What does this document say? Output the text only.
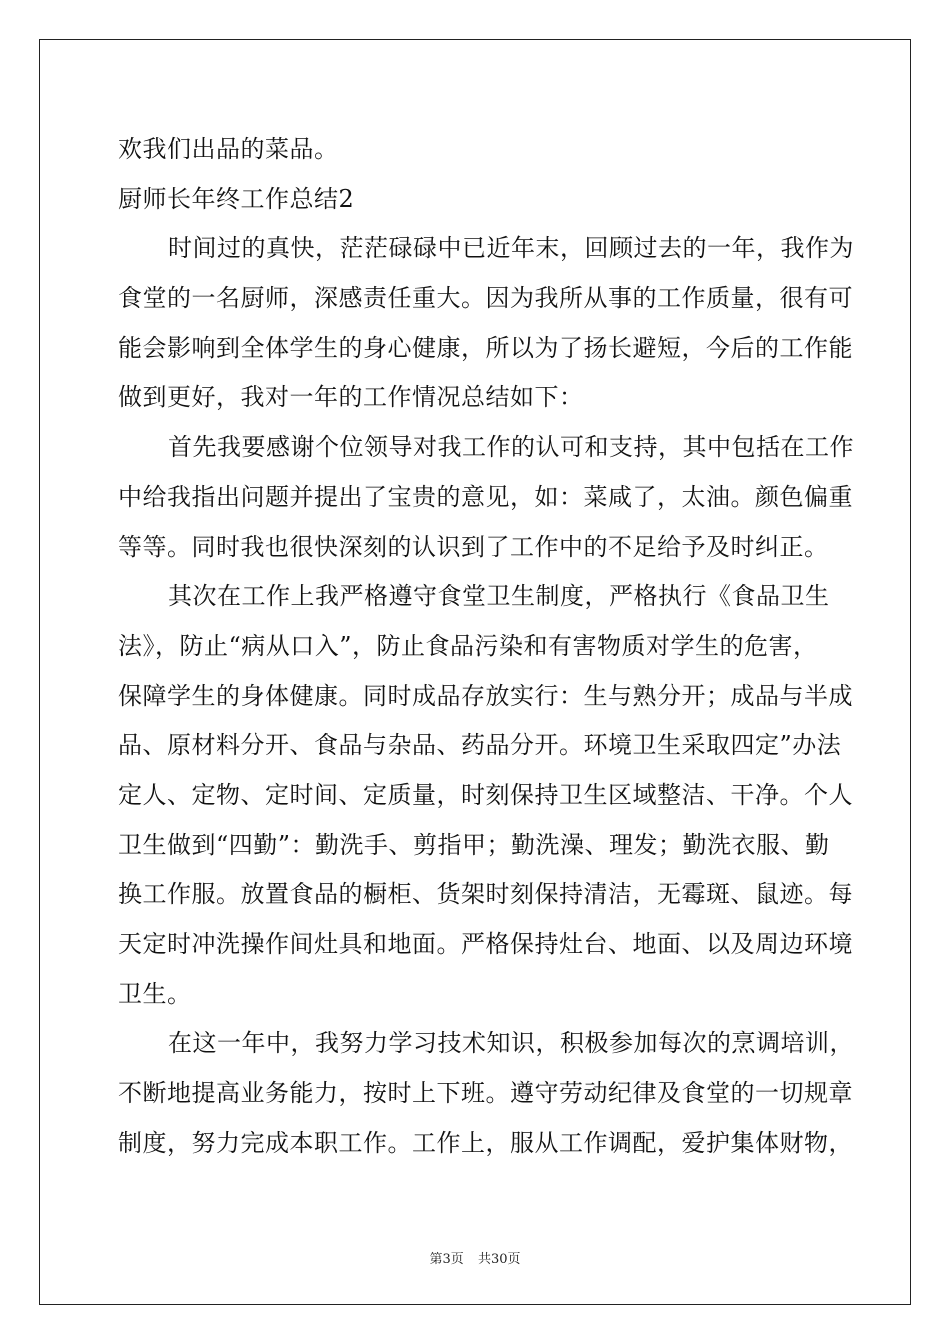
欢我们出品的菜品。
厨师长年终工作总结2
时间过的真快，茫茫碌碌中已近年末，回顾过去的一年，我作为
食堂的一名厨师，深感责任重大。因为我所从事的工作质量，很有可
能会影响到全体学生的身心健康，所以为了扬长避短，今后的工作能
做到更好，我对一年的工作情况总结如下：
首先我要感谢个位领导对我工作的认可和支持，其中包括在工作
中给我指出问题并提出了宝贵的意见，如：菜咸了，太油。颜色偏重
等等。同时我也很快深刻的认识到了工作中的不足给予及时纠正。
其次在工作上我严格遵守食堂卫生制度，严格执行《食品卫生
法》，防止“病从口入”，防止食品污染和有害物质对学生的危害，
保障学生的身体健康。同时成品存放实行：生与熟分开；成品与半成
品、原材料分开、食品与杂品、药品分开。环境卫生采取四定”办法
定人、定物、定时间、定质量，时刻保持卫生区域整洁、干净。个人
卫生做到“四勤”：勤洗手、剪指甲；勤洗澡、理发；勤洗衣服、勤
换工作服。放置食品的橱柜、货架时刻保持清洁，无霉斑、鼠迹。每
天定时冲洗操作间灶具和地面。严格保持灶台、地面、以及周边环境
卫生。
在这一年中，我努力学习技术知识，积极参加每次的烹调培训，
不断地提高业务能力，按时上下班。遵守劳动纪律及食堂的一切规章
制度，努力完成本职工作。工作上，服从工作调配，爱护集体财物，
第3页 共30页
